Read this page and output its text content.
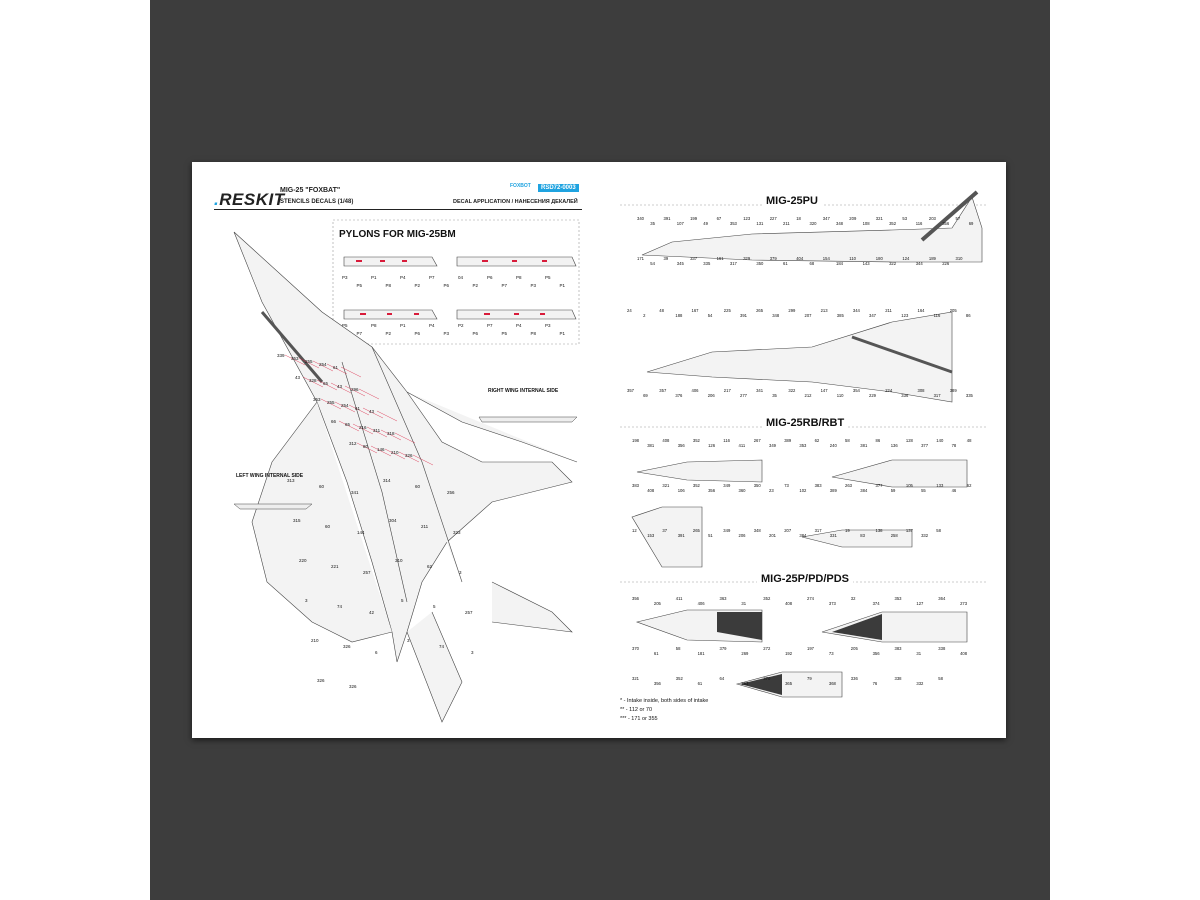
.RESKIT
MIG-25 "FOXBAT"
STENCILS DECALS (1/48)
FOXBOT	RSD72-0003
DECAL APPLICATION / НАНЕСЕНИЯ ДЕКАЛЕЙ
PYLONS FOR MIG-25BM
P3
P5
P1
P8
P4
P2
P7
P6
04
P2
P6
P7
P8
P3
P5
P1
P5
P7
P8
P2
P1
P6
P4
P3
P2
P6
P7
P5
P4
P8
P3
P1
339
353
255
254
61
43
328
65
43
296
353
255
254
61
43
66
65
216
311
318
312
80
146
210
326
313
60
341
314
60
256
315
60
144
304
211
323
220
221
257
310
62
3
3
74
42
5
5
257
210
326
6
3
74
3
326
326
RIGHT WING INTERNAL SIDE
LEFT WING INTERNAL SIDE
340
35
391
107
199
49
67
353
123
131
227
211
18
320
347
348
209
108
321
352
53
116
203
356
57
69
171
54
39
345
337
335
161
317
329
350
379
61
404
68
154
184
110
143
180
322
124
344
189
226
310
24
2
48
188
167
54
225
391
265
348
299
207
213
385
344
347
211
123
164
116
205
86
357
69
357
376
406
206
217
277
341
35
322
212
147
110
354
229
224
336
308
317
389
335
198
381
408
356
352
126
116
411
267
349
389
353
62
240
58
381
86
136
128
377
140
78
48
383
408
321
106
352
356
349
360
350
23
73
102
383
389
263
384
377
59
105
55
133
46
62
12
153
37
391
265
51
349
206
348
201
207
384
317
331
19
83
138
258
137
332
58
356
205
411
406
363
31
352
408
274
373
32
374
353
127
364
273
370
61
58
181
379
269
272
192
197
73
205
356
383
31
338
408
321
356
352
61
64
353
370
365
79
368
336
76
338
332
58
MIG-25PU
MIG-25RB/RBT
MIG-25P/PD/PDS
* - Intake inside, both sides of intake
** - 112 or 70
*** - 171 or 355
